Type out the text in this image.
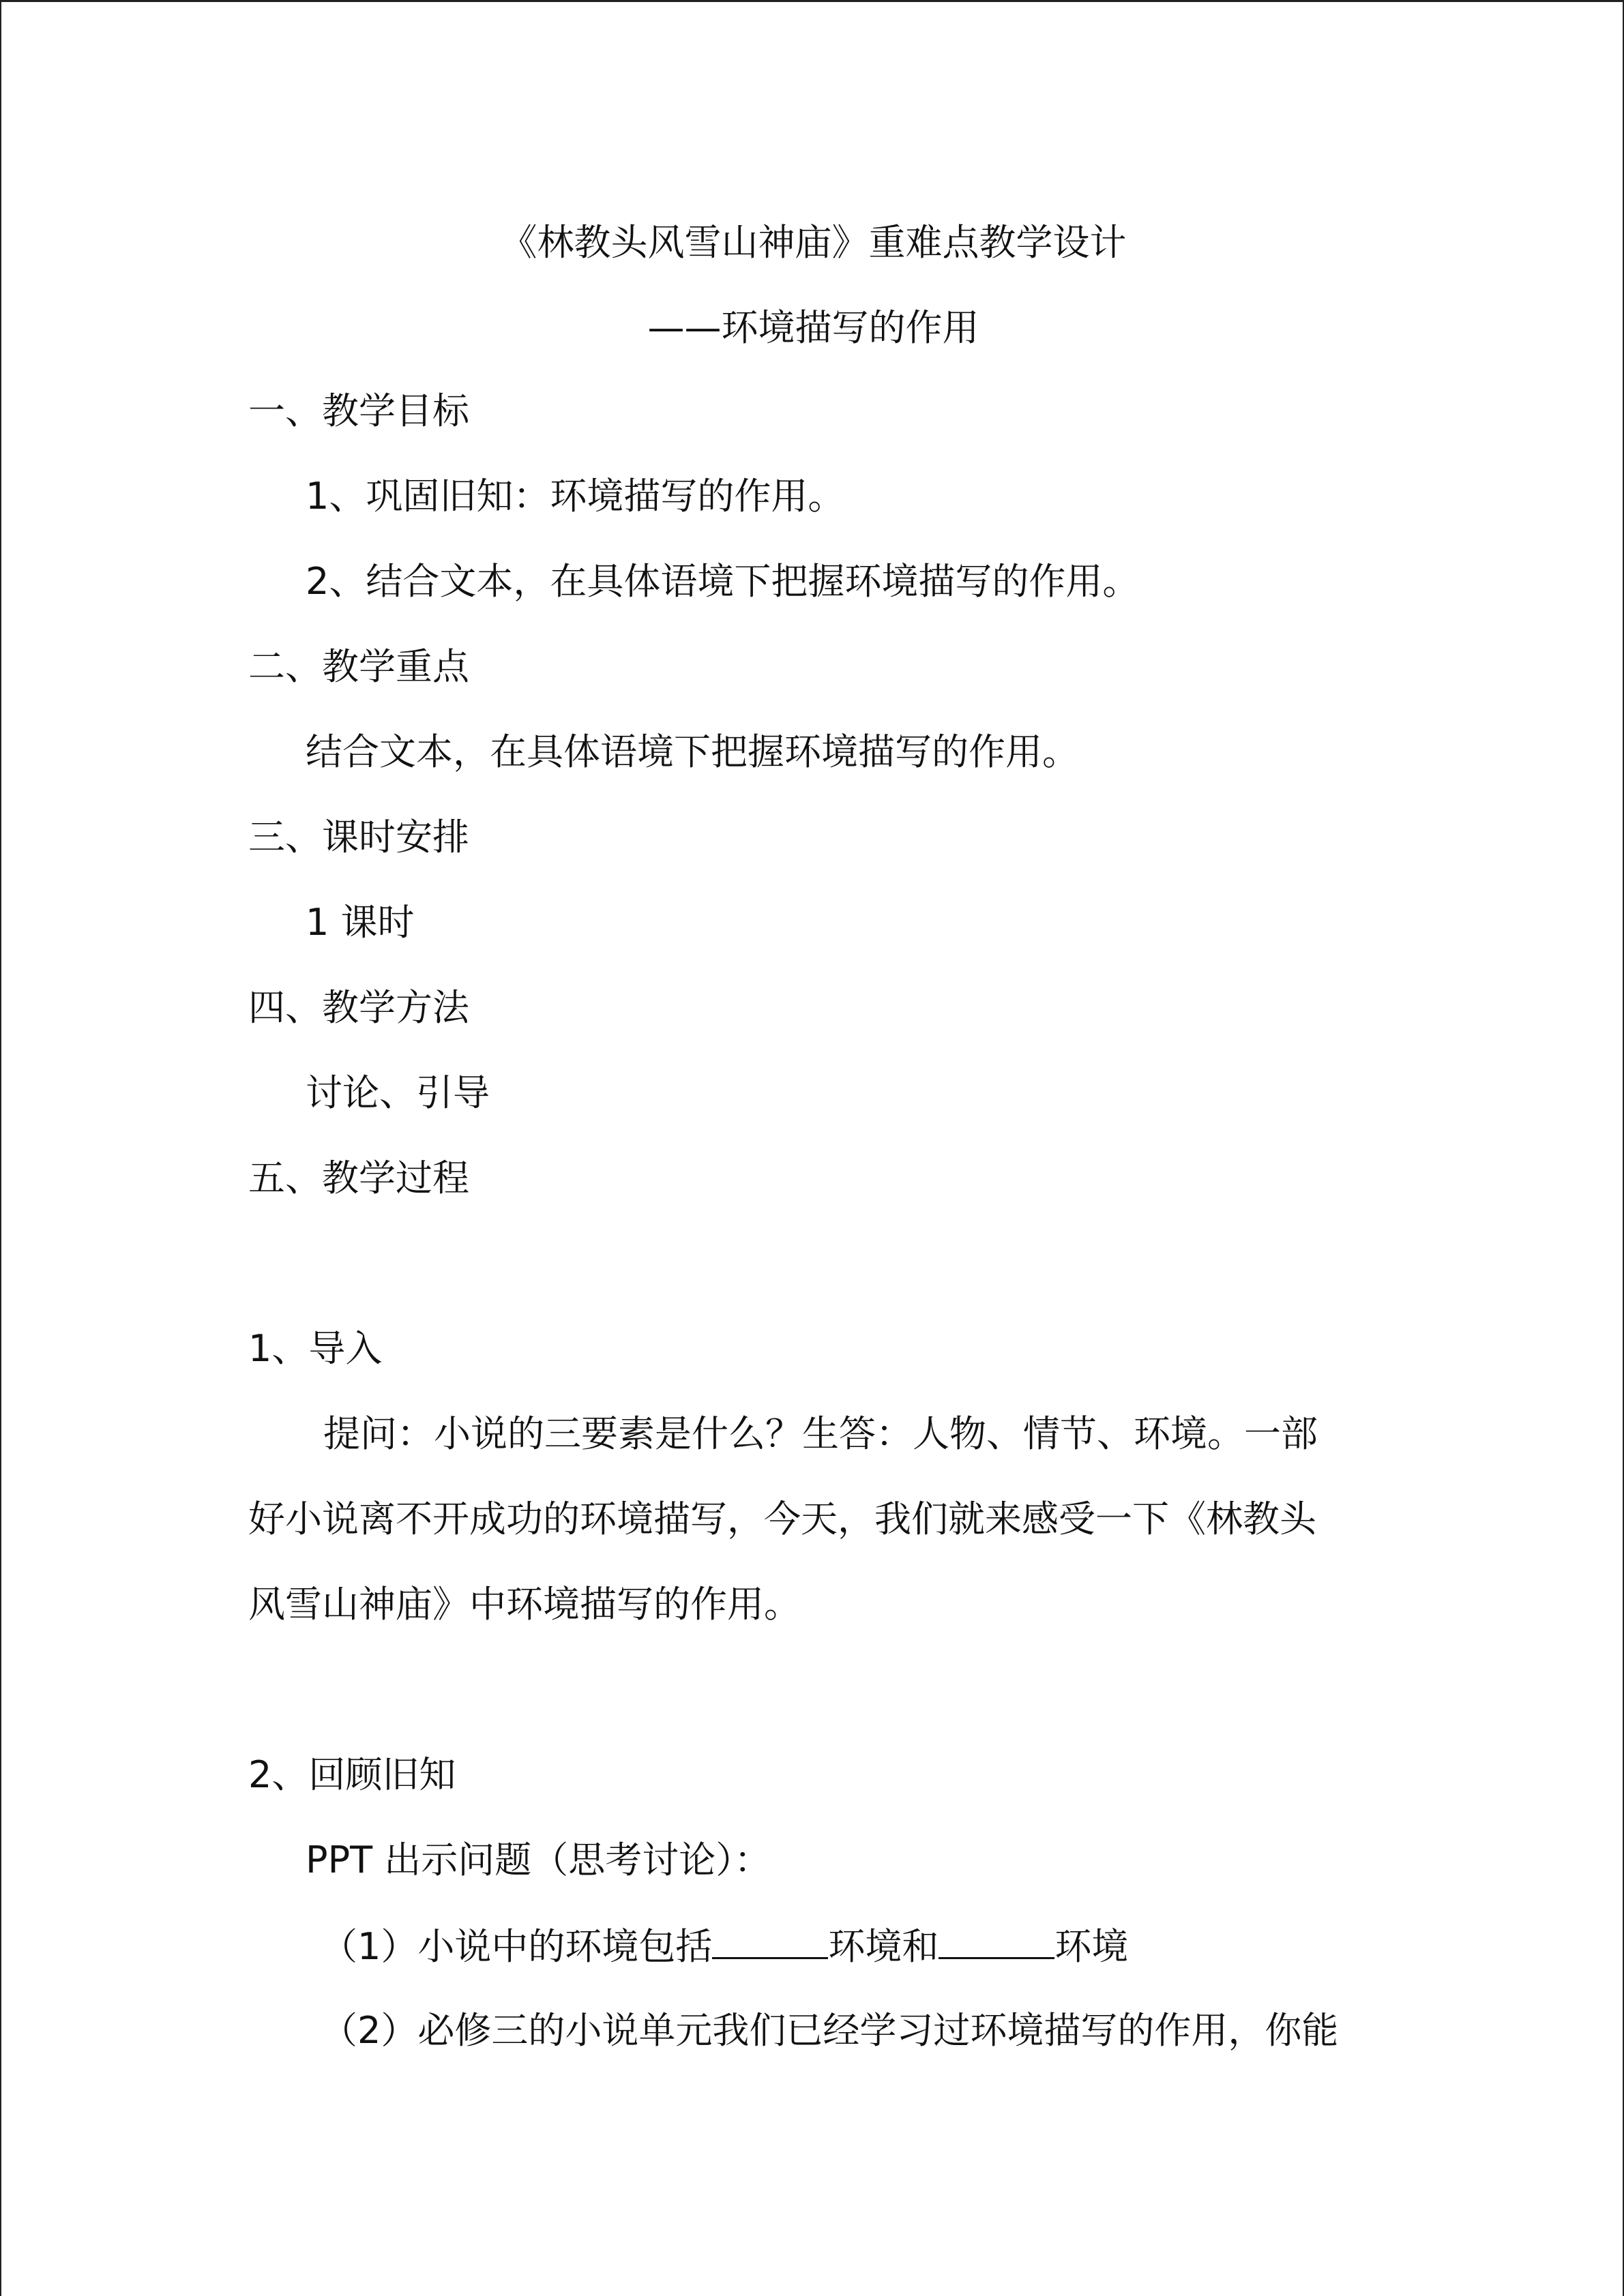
《林教头风雪山神庙》重难点教学设计

——环境描写的作用

一、教学目标

1、巩固旧知：环境描写的作用。

2、结合文本，在具体语境下把握环境描写的作用。

二、教学重点

结合文本，在具体语境下把握环境描写的作用。

三、课时安排

1 课时

四、教学方法

讨论、引导

五、教学过程

1、导入

提问：小说的三要素是什么？生答：人物、情节、环境。一部

好小说离不开成功的环境描写，今天，我们就来感受一下《林教头

风雪山神庙》中环境描写的作用。

2、回顾旧知

PPT 出示问题（思考讨论）：

（1）小说中的环境包括	环境和	环境

（2）必修三的小说单元我们已经学习过环境描写的作用，你能
